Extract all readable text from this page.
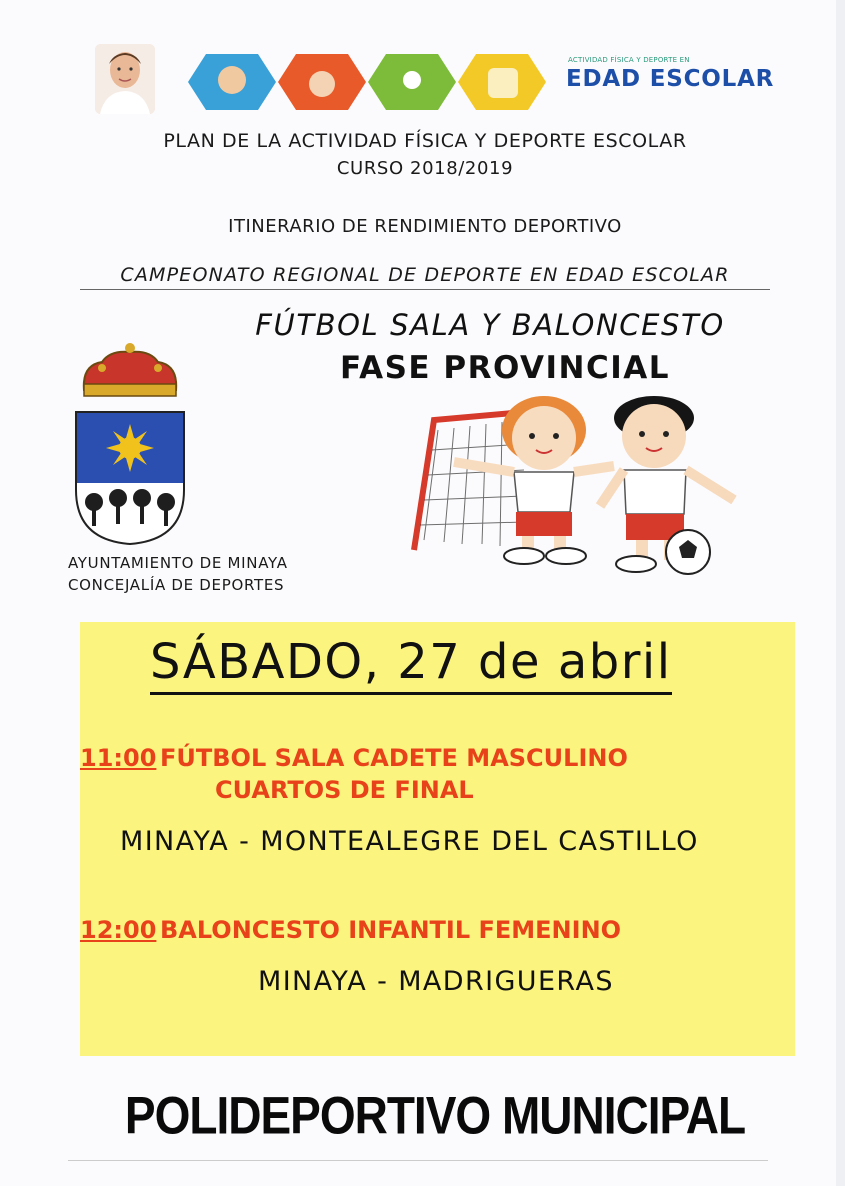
ACTIVIDAD FÍSICA Y DEPORTE EN
EDAD ESCOLAR
PLAN DE LA ACTIVIDAD FÍSICA Y DEPORTE ESCOLAR
CURSO 2018/2019
ITINERARIO DE RENDIMIENTO DEPORTIVO
CAMPEONATO REGIONAL DE DEPORTE EN EDAD ESCOLAR
FÚTBOL SALA Y BALONCESTO
FASE PROVINCIAL
AYUNTAMIENTO DE MINAYA
CONCEJALÍA DE DEPORTES
SÁBADO, 27 de abril
11:00 FÚTBOL SALA CADETE MASCULINO
CUARTOS DE FINAL
MINAYA - MONTEALEGRE DEL CASTILLO
12:00 BALONCESTO INFANTIL FEMENINO
MINAYA - MADRIGUERAS
POLIDEPORTIVO MUNICIPAL
